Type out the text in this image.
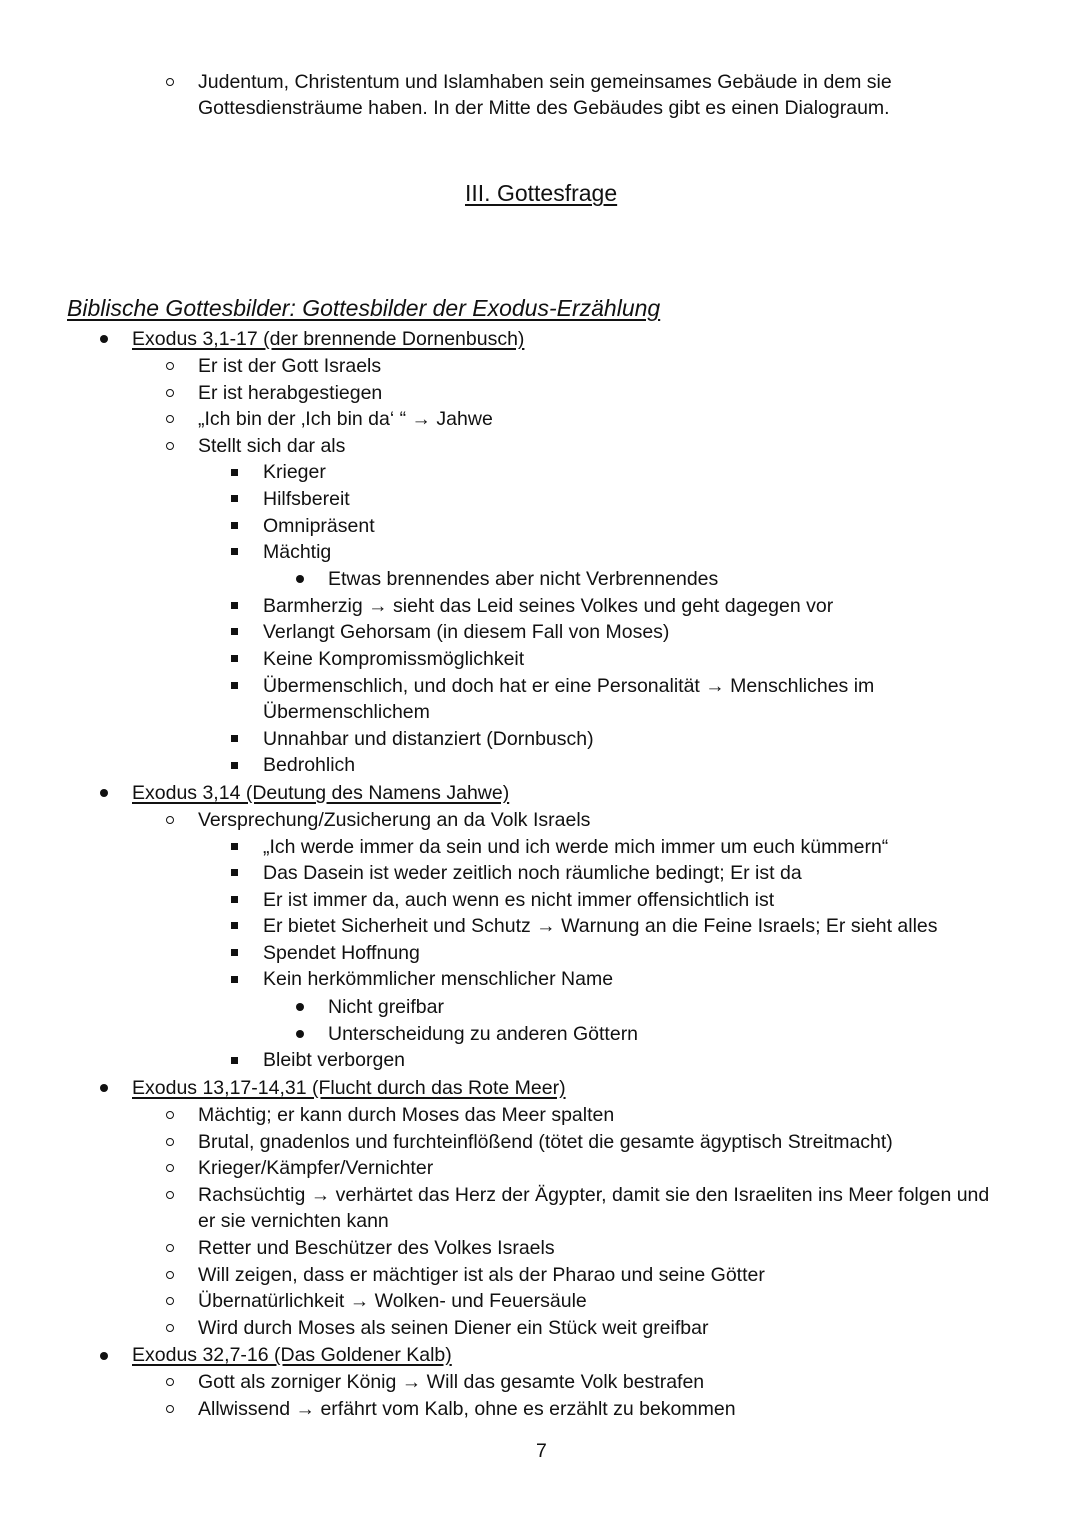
Judentum, Christentum und Islamhaben sein gemeinsames Gebäude in dem sie
Gottesdiensträume haben. In der Mitte des Gebäudes gibt es einen Dialograum.
III. Gottesfrage
Biblische Gottesbilder: Gottesbilder der Exodus-Erzählung
Exodus 3,1-17 (der brennende Dornenbusch)
Er ist der Gott Israels
Er ist herabgestiegen
„Ich bin der ‚Ich bin da‘ “ → Jahwe
Stellt sich dar als
Krieger
Hilfsbereit
Omnipräsent
Mächtig
Etwas brennendes aber nicht Verbrennendes
Barmherzig → sieht das Leid seines Volkes und geht dagegen vor
Verlangt Gehorsam (in diesem Fall von Moses)
Keine Kompromissmöglichkeit
Übermenschlich, und doch hat er eine Personalität → Menschliches im
Übermenschlichem
Unnahbar und distanziert (Dornbusch)
Bedrohlich
Exodus 3,14 (Deutung des Namens Jahwe)
Versprechung/Zusicherung an da Volk Israels
„Ich werde immer da sein und ich werde mich immer um euch kümmern“
Das Dasein ist weder zeitlich noch räumliche bedingt; Er ist da
Er ist immer da, auch wenn es nicht immer offensichtlich ist
Er bietet Sicherheit und Schutz → Warnung an die Feine Israels; Er sieht alles
Spendet Hoffnung
Kein herkömmlicher menschlicher Name
Nicht greifbar
Unterscheidung zu anderen Göttern
Bleibt verborgen
Exodus 13,17-14,31 (Flucht durch das Rote Meer)
Mächtig; er kann durch Moses das Meer spalten
Brutal, gnadenlos und furchteinflößend (tötet die gesamte ägyptisch Streitmacht)
Krieger/Kämpfer/Vernichter
Rachsüchtig → verhärtet das Herz der Ägypter, damit sie den Israeliten ins Meer folgen und
er sie vernichten kann
Retter und Beschützer des Volkes Israels
Will zeigen, dass er mächtiger ist als der Pharao und seine Götter
Übernatürlichkeit → Wolken- und Feuersäule
Wird durch Moses als seinen Diener ein Stück weit greifbar
Exodus 32,7-16 (Das Goldener Kalb)
Gott als zorniger König → Will das gesamte Volk bestrafen
Allwissend → erfährt vom Kalb, ohne es erzählt zu bekommen
7
